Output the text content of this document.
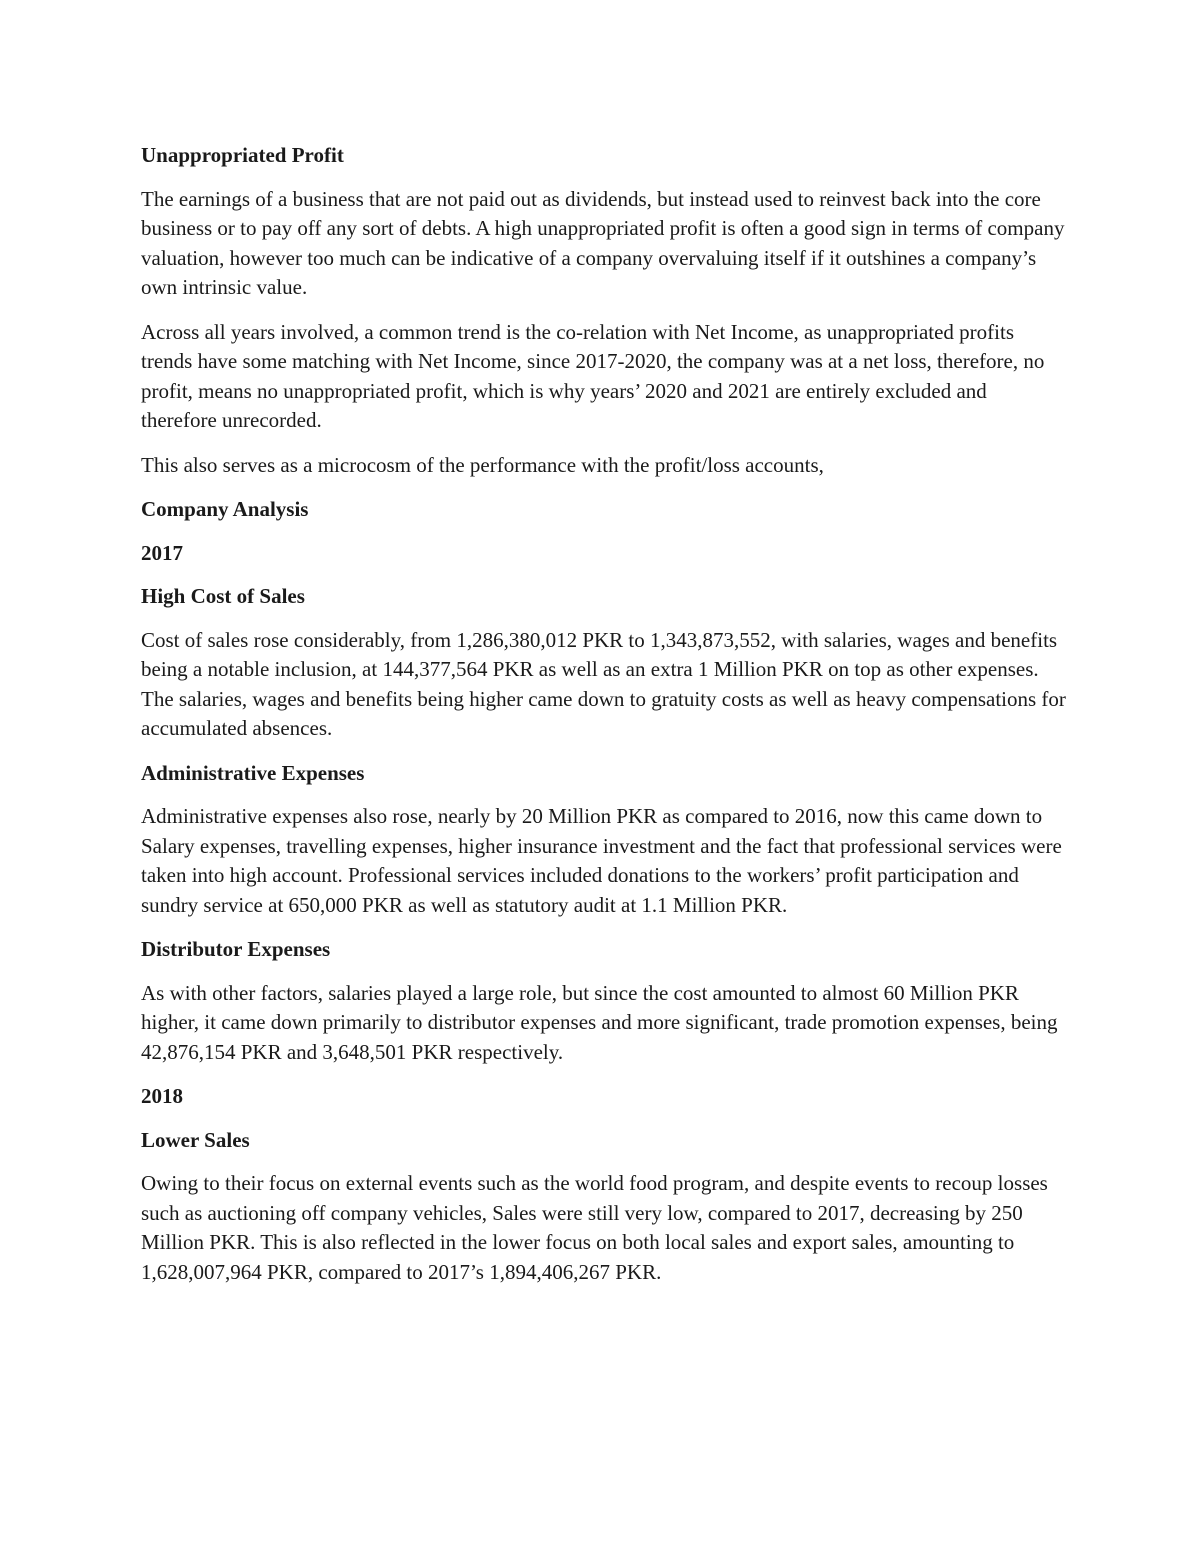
Unappropriated Profit

The earnings of a business that are not paid out as dividends, but instead used to reinvest back into the core business or to pay off any sort of debts. A high unappropriated profit is often a good sign in terms of company valuation, however too much can be indicative of a company overvaluing itself if it outshines a company’s own intrinsic value.

Across all years involved, a common trend is the co-relation with Net Income, as unappropriated profits trends have some matching with Net Income, since 2017-2020, the company was at a net loss, therefore, no profit, means no unappropriated profit, which is why years’ 2020 and 2021 are entirely excluded and therefore unrecorded.

This also serves as a microcosm of the performance with the profit/loss accounts,

Company Analysis
2017
High Cost of Sales

Cost of sales rose considerably, from 1,286,380,012 PKR to 1,343,873,552, with salaries, wages and benefits being a notable inclusion, at 144,377,564 PKR as well as an extra 1 Million PKR on top as other expenses. The salaries, wages and benefits being higher came down to gratuity costs as well as heavy compensations for accumulated absences.

Administrative Expenses

Administrative expenses also rose, nearly by 20 Million PKR as compared to 2016, now this came down to Salary expenses, travelling expenses, higher insurance investment and the fact that professional services were taken into high account. Professional services included donations to the workers’ profit participation and sundry service at 650,000 PKR as well as statutory audit at 1.1 Million PKR.

Distributor Expenses

As with other factors, salaries played a large role, but since the cost amounted to almost 60 Million PKR higher, it came down primarily to distributor expenses and more significant, trade promotion expenses, being 42,876,154 PKR and 3,648,501 PKR respectively.

2018
Lower Sales

Owing to their focus on external events such as the world food program, and despite events to recoup losses such as auctioning off company vehicles, Sales were still very low, compared to 2017, decreasing by 250 Million PKR. This is also reflected in the lower focus on both local sales and export sales, amounting to 1,628,007,964 PKR, compared to 2017’s 1,894,406,267 PKR.
